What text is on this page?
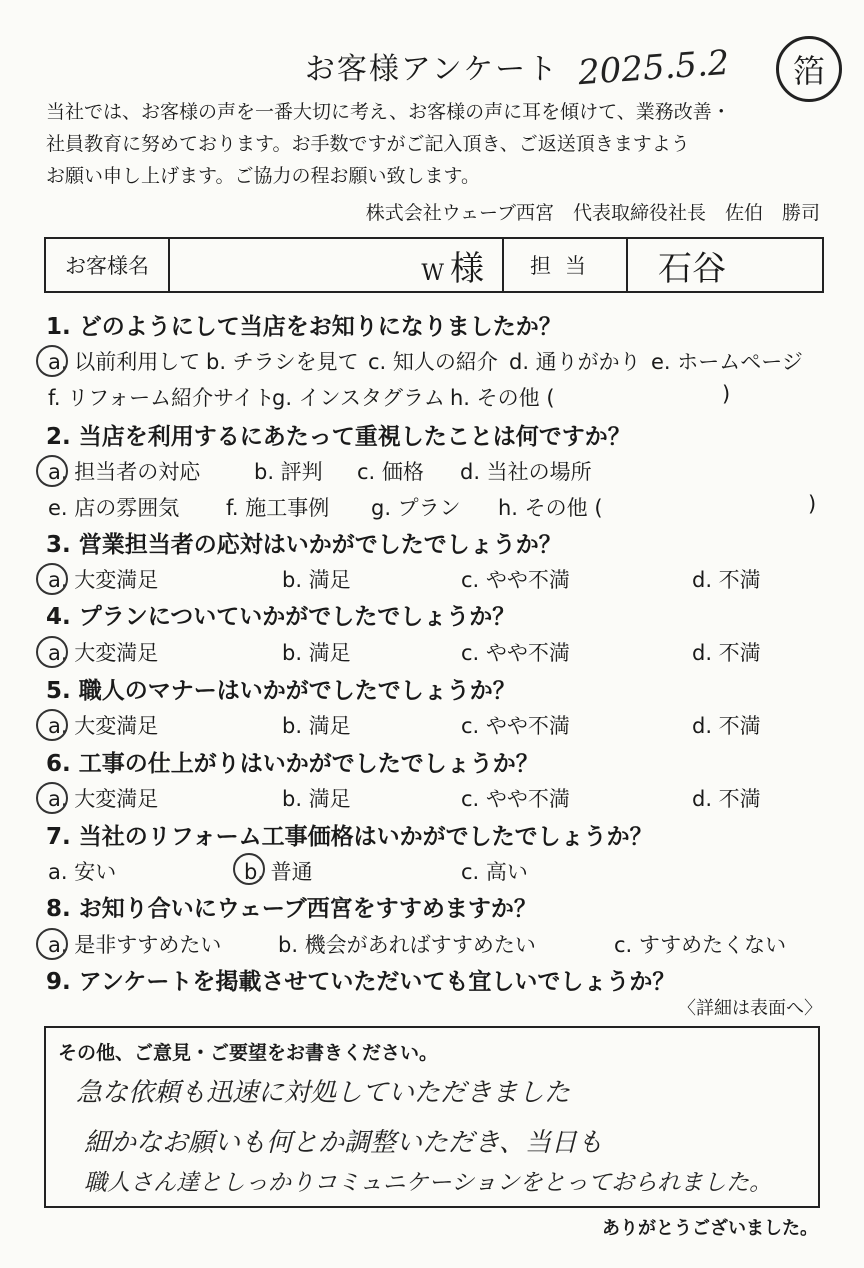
お客様アンケート 2025.5.2 箔
当社では、お客様の声を一番大切に考え、お客様の声に耳を傾けて、業務改善・
社員教育に努めております。お手数ですがご記入頂き、ご返送頂きますよう
お願い申し上げます。ご協力の程お願い致します。
株式会社ウェーブ西宮　代表取締役社長　佐伯　勝司
お客様名	W 様	担当	石谷
1. どのようにして当店をお知りになりましたか？
a. 以前利用して b. チラシを見て c. 知人の紹介 d. 通りがかり e. ホームページ
f. リフォーム紹介サイト
g. インスタグラム h. その他 (	)
2. 当店を利用するにあたって重視したことは何ですか？
a. 担当者の対応	b. 評判 c. 価格 d. 当社の場所
e. 店の雰囲気 f. 施工事例 g. プラン h. その他 (	)
3. 営業担当者の応対はいかがでしたでしょうか？
a. 大変満足	b. 満足	c. やや不満	d. 不満
4. プランについていかがでしたでしょうか？
a. 大変満足	b. 満足	c. やや不満	d. 不満
5. 職人のマナーはいかがでしたでしょうか？
a. 大変満足	b. 満足	c. やや不満	d. 不満
6. 工事の仕上がりはいかがでしたでしょうか？
a. 大変満足	b. 満足	c. やや不満	d. 不満
7. 当社のリフォーム工事価格はいかがでしたでしょうか？
a. 安い	b. 普通	c. 高い
8. お知り合いにウェーブ西宮をすすめますか？
a. 是非すすめたい	b. 機会があればすすめたい	c. すすめたくない
9. アンケートを掲載させていただいても宜しいでしょうか？
〈詳細は表面へ〉
その他、ご意見・ご要望をお書きください。
急な依頼も迅速に対処していただきました
細かなお願いも何とか調整いただき、当日も
職人さん達としっかりコミュニケーションをとっておられました。
ありがとうございました。
